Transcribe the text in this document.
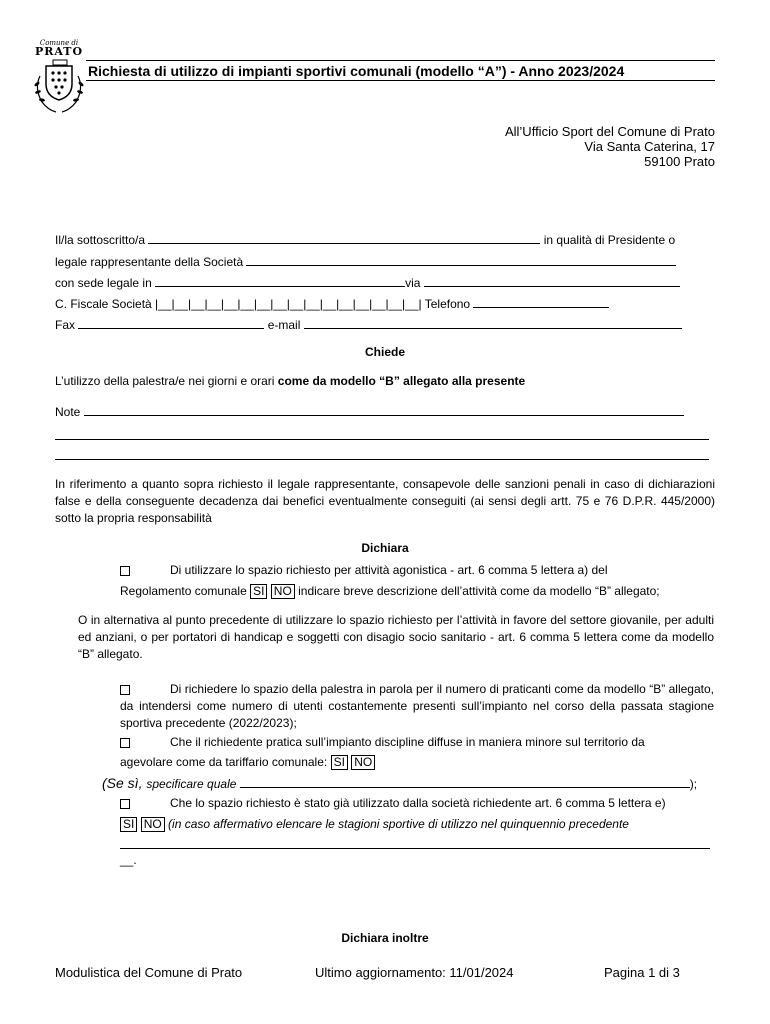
Comune di
PRATO
Richiesta di utilizzo di impianti sportivi comunali (modello “A”) - Anno 2023/2024
All’Ufficio Sport del Comune di Prato
Via Santa Caterina, 17
59100 Prato
Il/la sottoscritto/a	in qualità di Presidente o
legale rappresentante della Società
con sede legale in	via
C. Fiscale Società |__|__|__|__|__|__|__|__|__|__|__|__|__|__|__|__| Telefono
Fax	e-mail
Chiede
L’utilizzo della palestra/e nei giorni e orari come da modello “B” allegato alla presente
Note
In riferimento a quanto sopra richiesto il legale rappresentante, consapevole delle sanzioni penali in caso di dichiarazioni false e della conseguente decadenza dai benefici eventualmente conseguiti (ai sensi degli artt. 75 e 76 D.P.R. 445/2000) sotto la propria responsabilità
Dichiara
Di utilizzare lo spazio richiesto per attività agonistica - art. 6 comma 5 lettera a) del
Regolamento comunale SI NO indicare breve descrizione dell’attività come da modello “B” allegato;
O in alternativa al punto precedente di utilizzare lo spazio richiesto per l’attività in favore del settore giovanile, per adulti ed anziani, o per portatori di handicap e soggetti con disagio socio sanitario - art. 6 comma 5 lettera come da modello “B” allegato.
Di richiedere lo spazio della palestra in parola per il numero di praticanti come da modello “B” allegato, da intendersi come numero di utenti costantemente presenti sull’impianto nel corso della passata stagione sportiva precedente (2022/2023);
Che il richiedente pratica sull’impianto discipline diffuse in maniera minore sul territorio da
agevolare come da tariffario comunale: SI NO
(Se sì, specificare quale	);
Che lo spazio richiesto è stato già utilizzato dalla società richiedente art. 6 comma 5 lettera e)
SI NO (in caso affermativo elencare le stagioni sportive di utilizzo nel quinquennio precedente
__.
Dichiara inoltre
Modulistica del Comune di Prato	Ultimo aggiornamento: 11/01/2024	Pagina 1 di 3
